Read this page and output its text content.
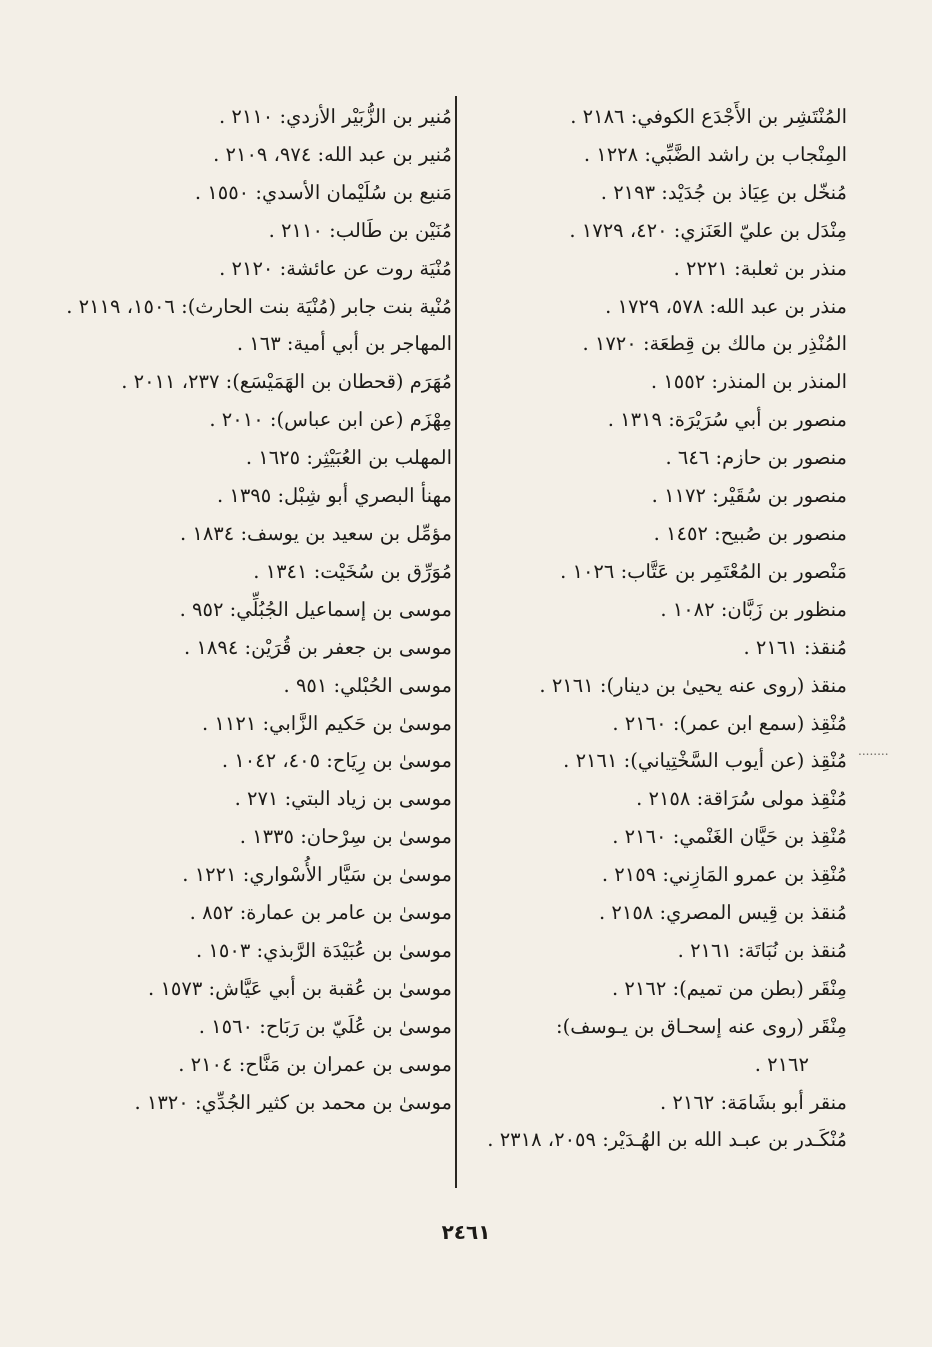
المُنْتَشِر بن الأَجْدَع الكوفي: ٢١٨٦ .
المِنْجاب بن راشد الضَّبِّي: ١٢٢٨ .
مُنخّل بن عِيَاذ بن جُدَيْد: ٢١٩٣ .
مِنْدَل بن عليّ العَنَزي: ٤٢٠، ١٧٢٩ .
منذر بن ثعلبة: ٢٢٢١ .
منذر بن عبد الله: ٥٧٨، ١٧٢٩ .
المُنْذِر بن مالك بن قِطعَة: ١٧٢٠ .
المنذر بن المنذر: ١٥٥٢ .
منصور بن أبي سُرَيْرَة: ١٣١٩ .
منصور بن حازم: ٦٤٦ .
منصور بن سُقَيْر: ١١٧٢ .
منصور بن صُبيح: ١٤٥٢ .
مَنْصور بن المُعْتَمِر بن عَتَّاب: ١٠٢٦ .
منظور بن زَبَّان: ١٠٨٢ .
مُنقذ: ٢١٦١ .
منقذ (روى عنه يحيىٰ بن دينار): ٢١٦١ .
مُنْقِذ (سمع ابن عمر): ٢١٦٠ .
مُنْقِذ (عن أيوب السَّخْتِياني): ٢١٦١ .
مُنْقِذ مولى سُرَاقة: ٢١٥٨ .
مُنْقِذ بن حَيَّان الغَنْمي: ٢١٦٠ .
مُنْقِذ بن عمرو المَازِني: ٢١٥٩ .
مُنقذ بن قِيس المصري: ٢١٥٨ .
مُنقذ بن نُبَاتَة: ٢١٦١ .
مِنْقَر (بطن من تميم): ٢١٦٢ .
مِنْقَر (روى عنه إسحـاق بن يـوسف):
٢١٦٢ .
منقر أبو بشَامَة: ٢١٦٢ .
مُنْكَـدر بن عبـد الله بن الهُـدَيْر: ٢٠٥٩، ٢٣١٨ .
مُنير بن الزُّبَيْر الأزدي: ٢١١٠ .
مُنير بن عبد الله: ٩٧٤، ٢١٠٩ .
مَنيع بن سُلَيْمان الأسدي: ١٥٥٠ .
مُنَيْن بن طَالب: ٢١١٠ .
مُنْيَة روت عن عائشة: ٢١٢٠ .
مُنْية بنت جابر (مُنْيَة بنت الحارث): ١٥٠٦، ٢١١٩ .
المهاجر بن أبي أمية: ١٦٣ .
مُهَرَم (قحطان بن الهَمَيْسَع): ٢٣٧، ٢٠١١ .
مِهْزَم (عن ابن عباس): ٢٠١٠ .
المهلب بن العُبَيْثِر: ١٦٢٥ .
مهنأ البصري أبو شِبْل: ١٣٩٥ .
مؤمِّل بن سعيد بن يوسف: ١٨٣٤ .
مُوَرِّق بن سُخَيْت: ١٣٤١ .
موسى بن إسماعيل الجُبُلِّي: ٩٥٢ .
موسى بن جعفر بن قُرَيْن: ١٨٩٤ .
موسى الحُبْلي: ٩٥١ .
موسىٰ بن حَكيم الزَّابي: ١١٢١ .
موسىٰ بن رِيَاح: ٤٠٥، ١٠٤٢ .
موسى بن زياد البتي: ٢٧١ .
موسىٰ بن سِرْحان: ١٣٣٥ .
موسىٰ بن سَيَّار الأُسْواري: ١٢٢١ .
موسىٰ بن عامر بن عمارة: ٨٥٢ .
موسىٰ بن عُبَيْدَة الرَّبذي: ١٥٠٣ .
موسىٰ بن عُقبة بن أبي عَيَّاش: ١٥٧٣ .
موسىٰ بن عُلَيّ بن رَبَاح: ١٥٦٠ .
موسى بن عمران بن مَنَّاح: ٢١٠٤ .
موسىٰ بن محمد بن كثير الجُدِّي: ١٣٢٠ .
........
٢٤٦١
